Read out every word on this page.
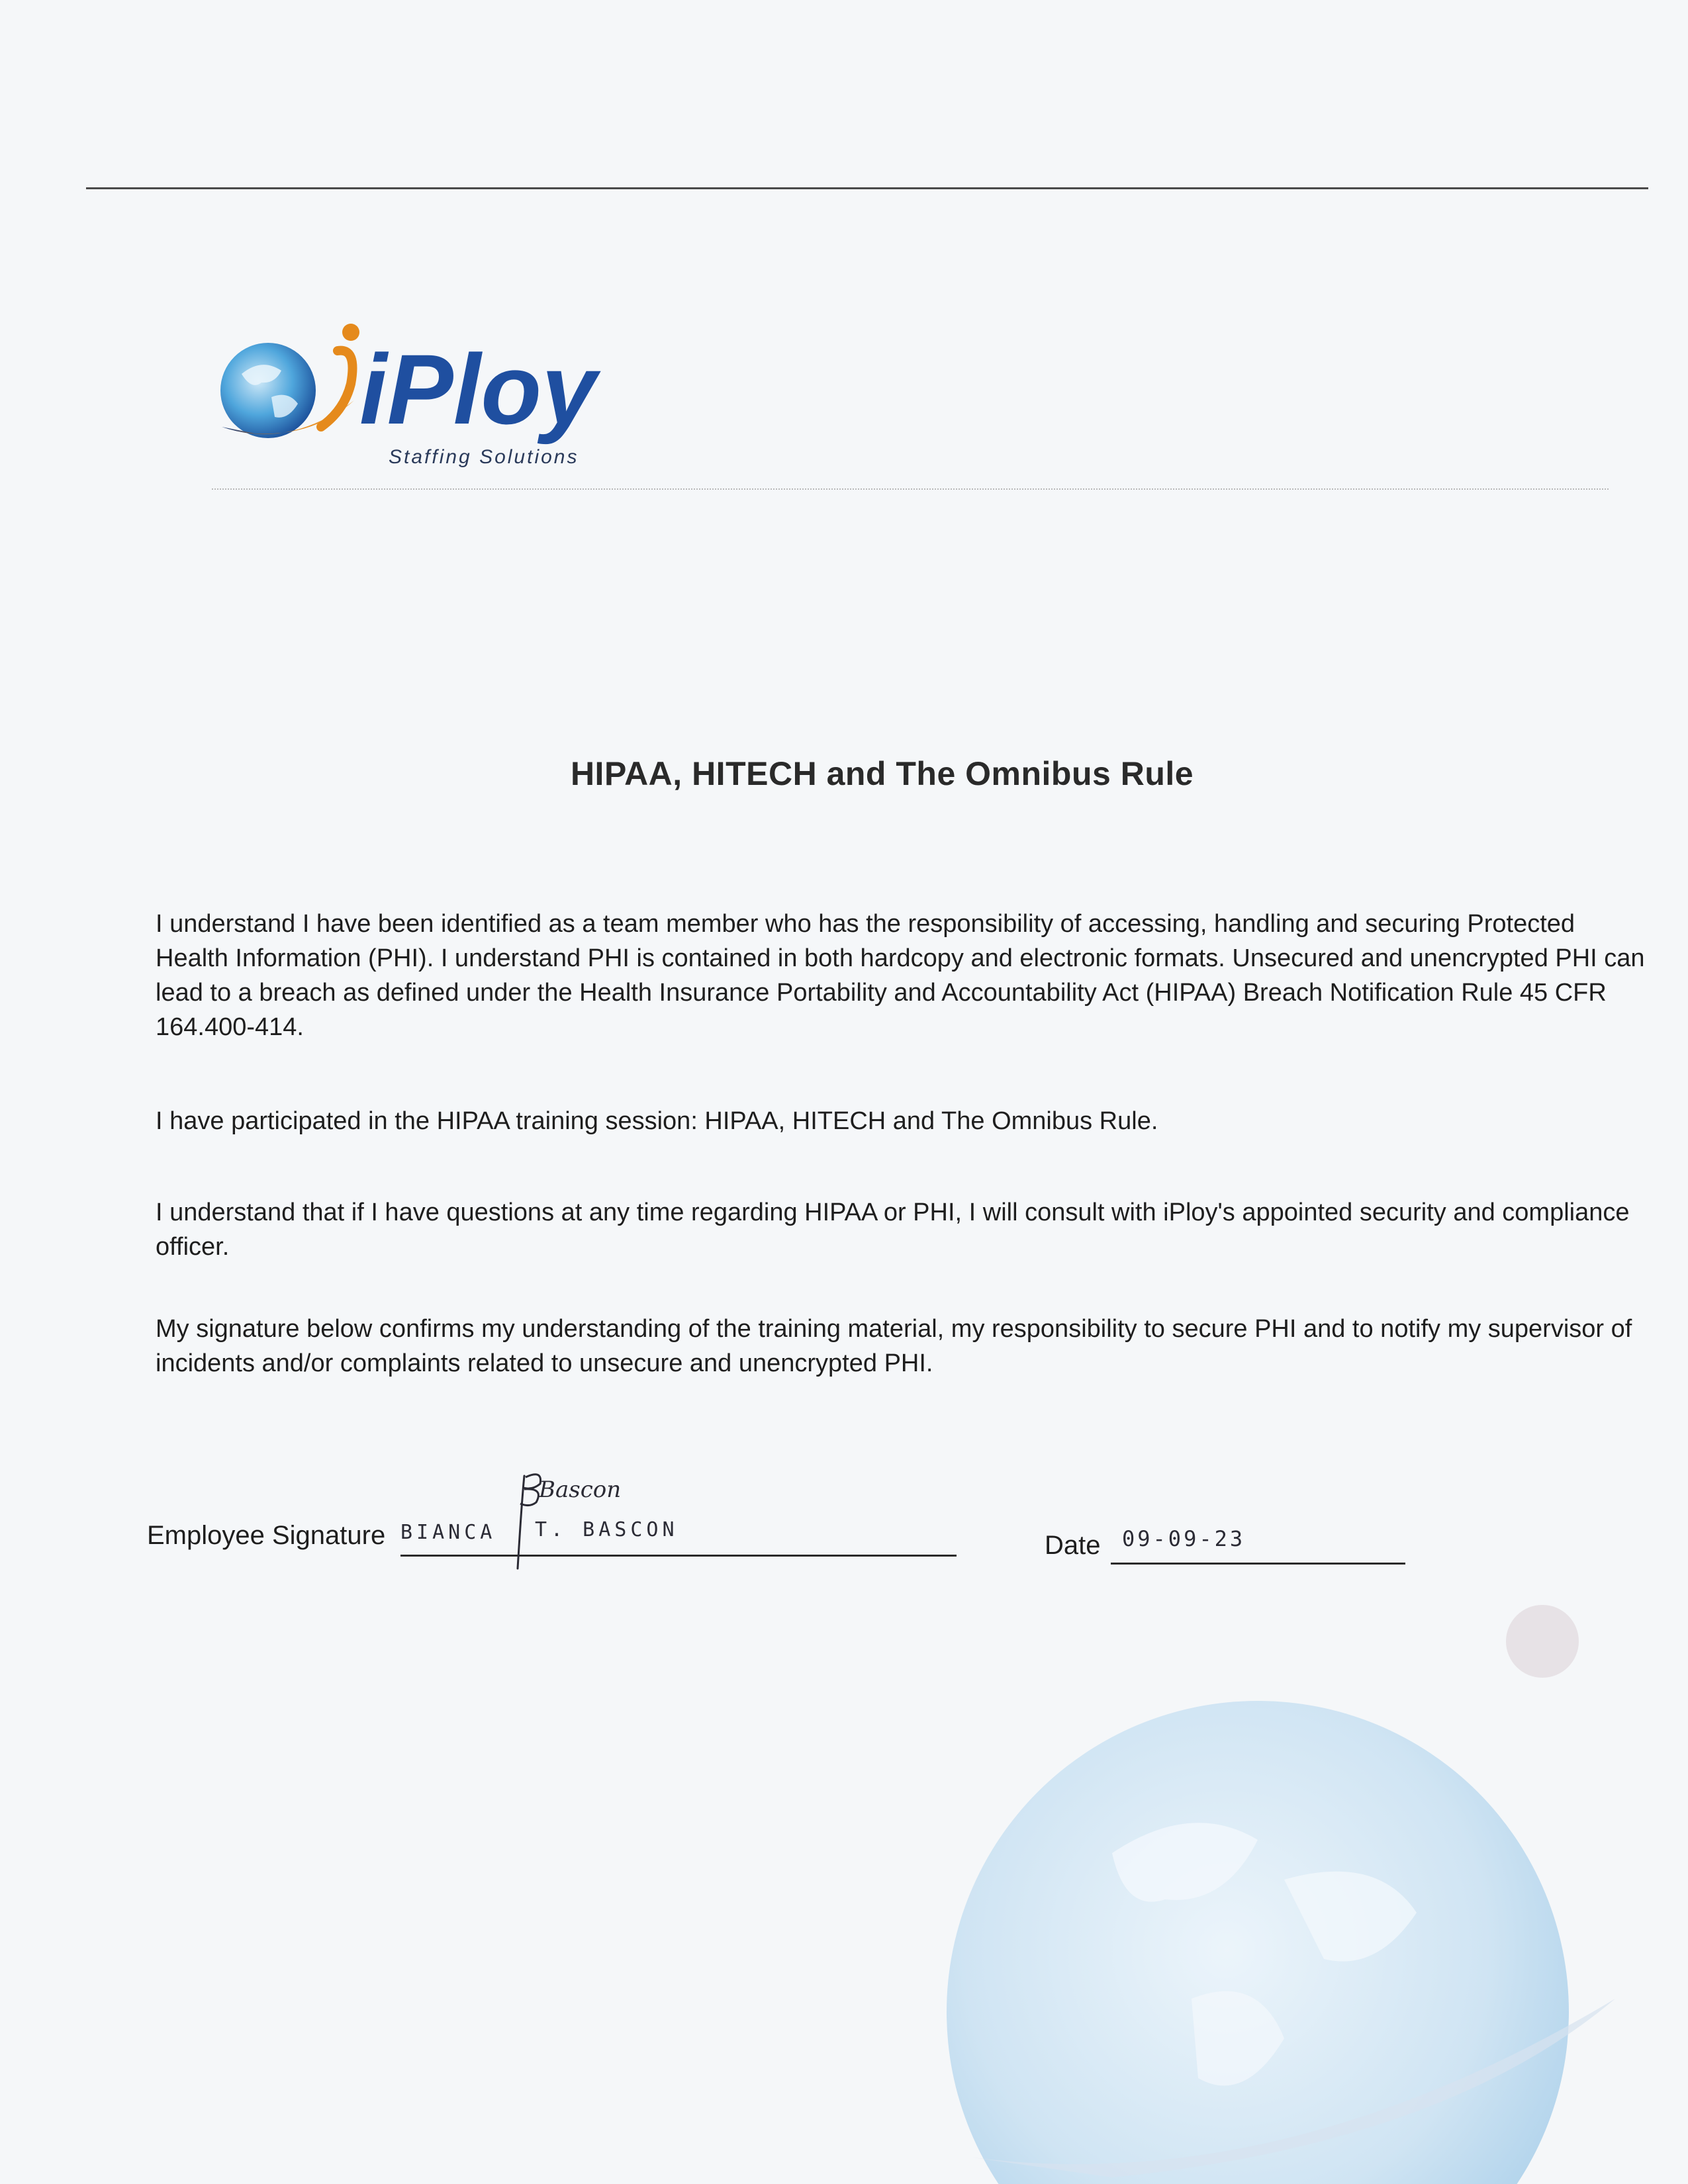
iPloy
Staffing Solutions
HIPAA, HITECH and The Omnibus Rule

I understand I have been identified as a team member who has the responsibility of accessing, handling and securing Protected Health Information (PHI). I understand PHI is contained in both hardcopy and electronic formats. Unsecured and unencrypted PHI can lead to a breach as defined under the Health Insurance Portability and Accountability Act (HIPAA) Breach Notification Rule 45 CFR 164.400-414.

I have participated in the HIPAA training session: HIPAA, HITECH and The Omnibus Rule.

I understand that if I have questions at any time regarding HIPAA or PHI, I will consult with iPloy's appointed security and compliance officer.

My signature below confirms my understanding of the training material, my responsibility to secure PHI and to notify my supervisor of incidents and/or complaints related to unsecure and unencrypted PHI.

Employee Signature BIANCA T. BASCON
Bascon
Date 09-09-23
